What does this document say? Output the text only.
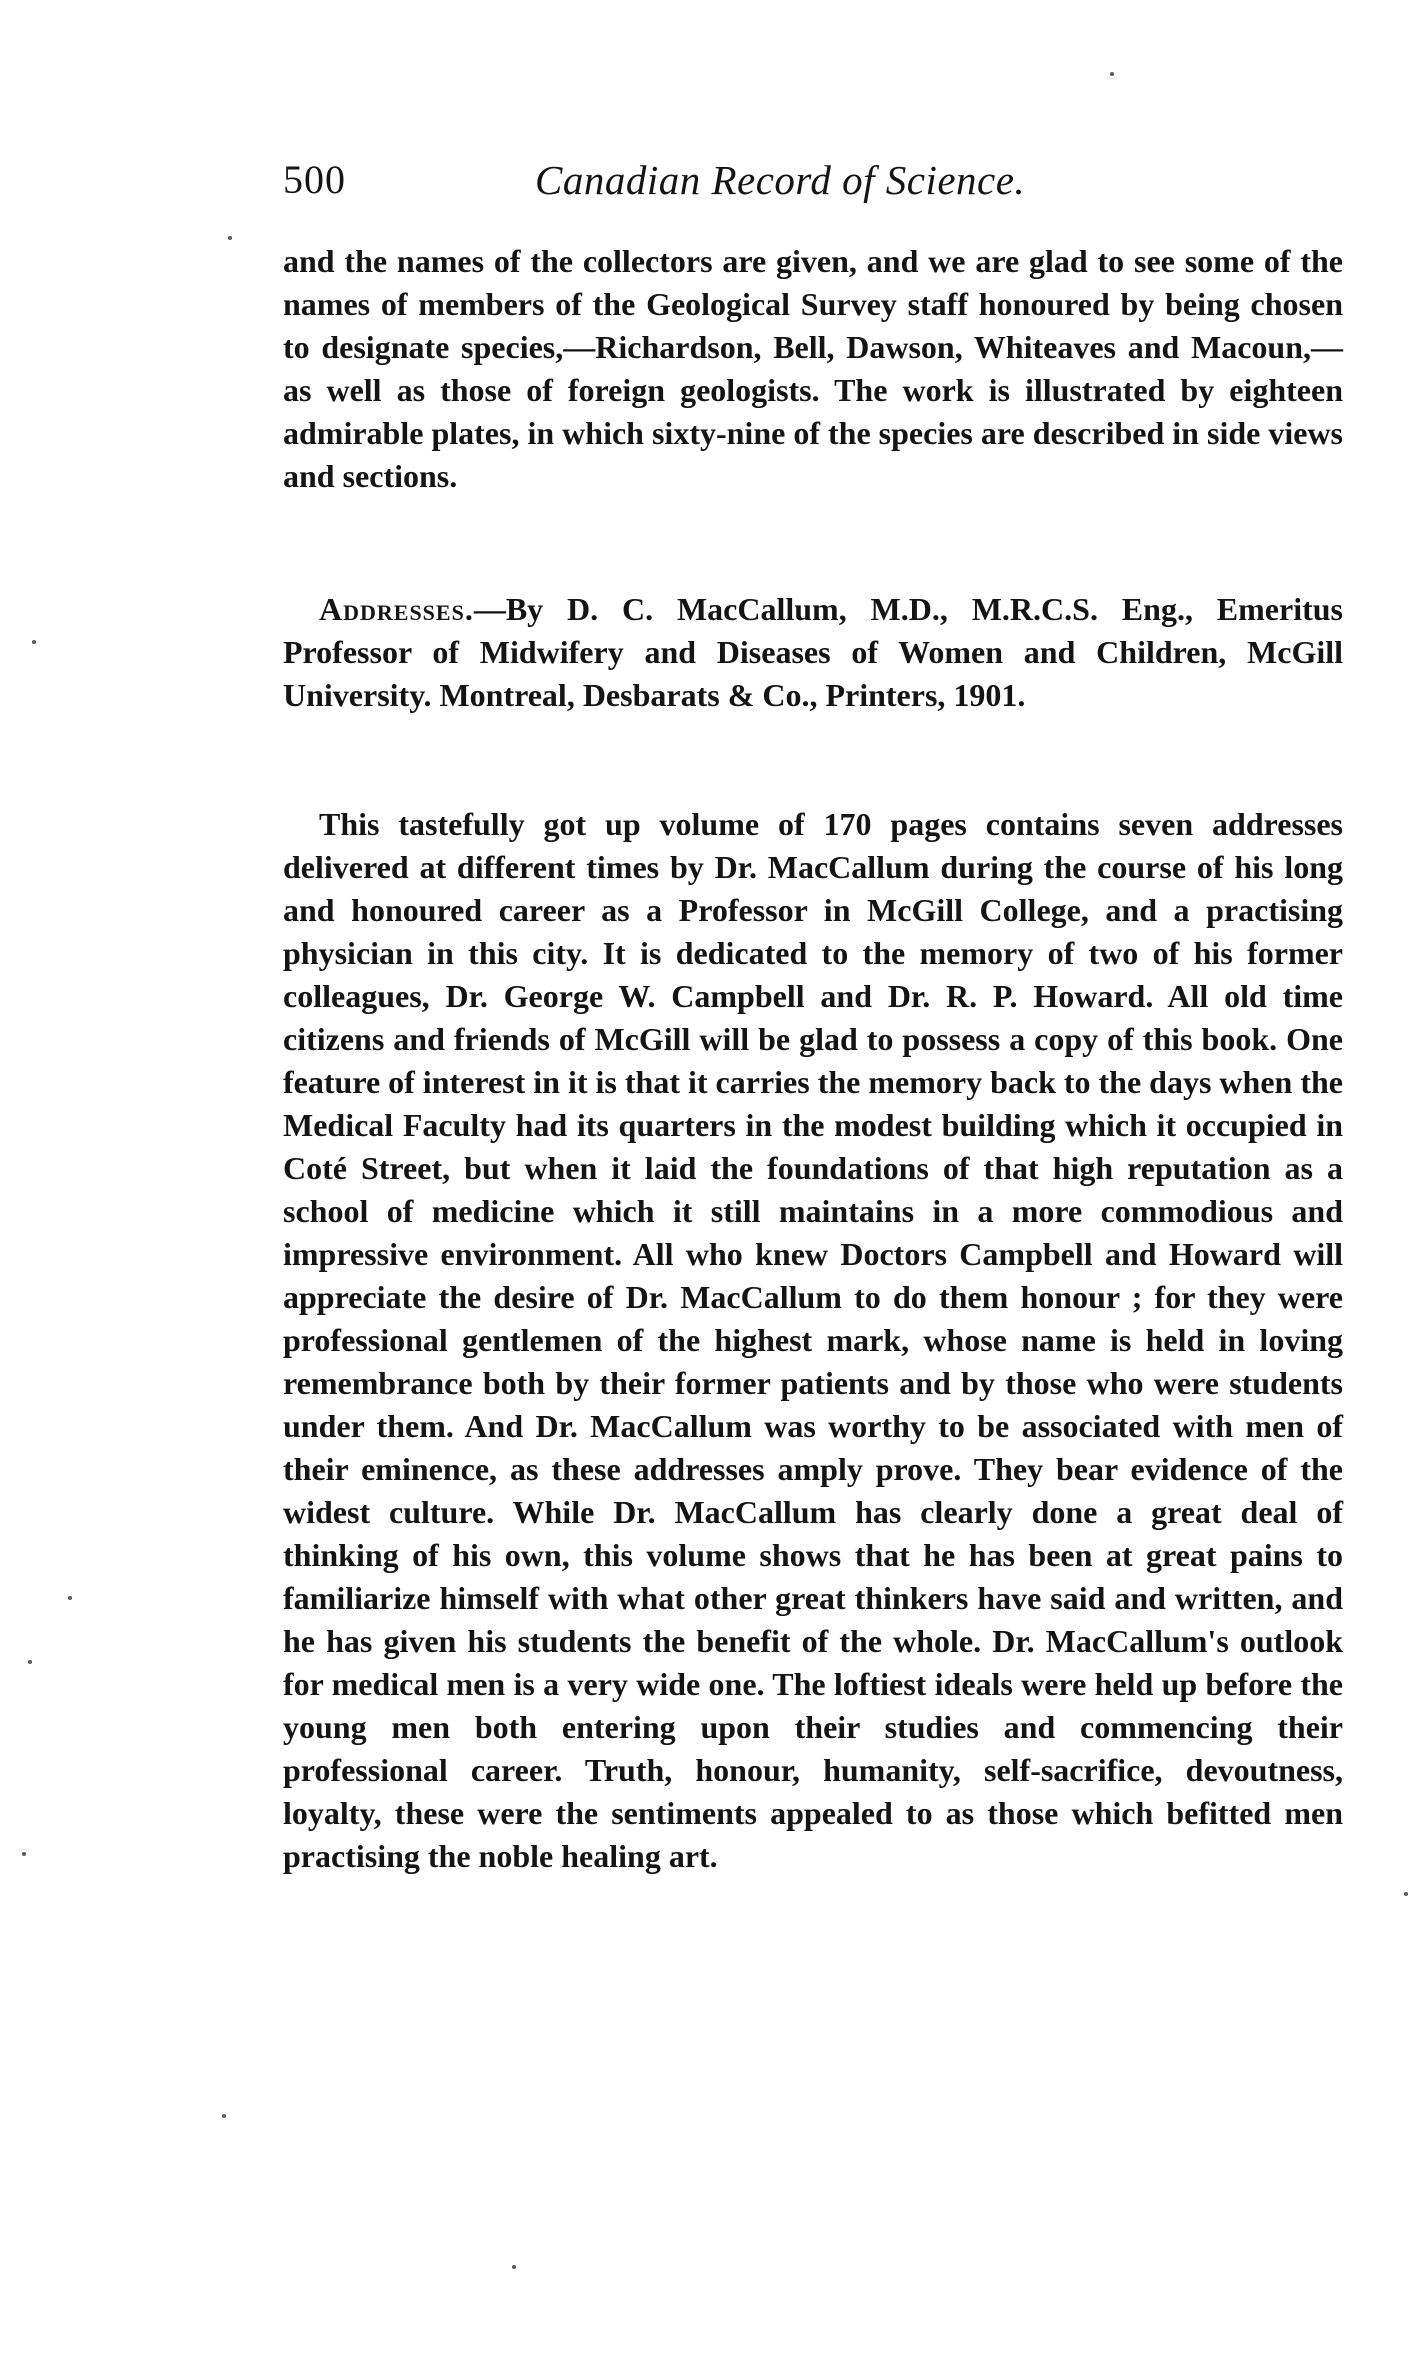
500	Canadian Record of Science.

and the names of the collectors are given, and we are glad to see some of the names of members of the Geological Survey staff honoured by being chosen to designate species,—Richardson, Bell, Dawson, Whiteaves and Macoun,—as well as those of foreign geologists. The work is illustrated by eighteen admirable plates, in which sixty-nine of the species are described in side views and sections.

Addresses.—By D. C. MacCallum, M.D., M.R.C.S. Eng., Emeritus Professor of Midwifery and Diseases of Women and Children, McGill University. Montreal, Desbarats & Co., Printers, 1901.

This tastefully got up volume of 170 pages contains seven addresses delivered at different times by Dr. MacCallum during the course of his long and honoured career as a Professor in McGill College, and a practising physician in this city. It is dedicated to the memory of two of his former colleagues, Dr. George W. Campbell and Dr. R. P. Howard. All old time citizens and friends of McGill will be glad to possess a copy of this book. One feature of interest in it is that it carries the memory back to the days when the Medical Faculty had its quarters in the modest building which it occupied in Coté Street, but when it laid the foundations of that high reputation as a school of medicine which it still maintains in a more commodious and impressive environment. All who knew Doctors Campbell and Howard will appreciate the desire of Dr. MacCallum to do them honour ; for they were professional gentlemen of the highest mark, whose name is held in loving remembrance both by their former patients and by those who were students under them. And Dr. MacCallum was worthy to be associated with men of their eminence, as these addresses amply prove. They bear evidence of the widest culture. While Dr. MacCallum has clearly done a great deal of thinking of his own, this volume shows that he has been at great pains to familiarize himself with what other great thinkers have said and written, and he has given his students the benefit of the whole. Dr. MacCallum's outlook for medical men is a very wide one. The loftiest ideals were held up before the young men both entering upon their studies and commencing their professional career. Truth, honour, humanity, self-sacrifice, devoutness, loyalty, these were the sentiments appealed to as those which befitted men practising the noble healing art.
